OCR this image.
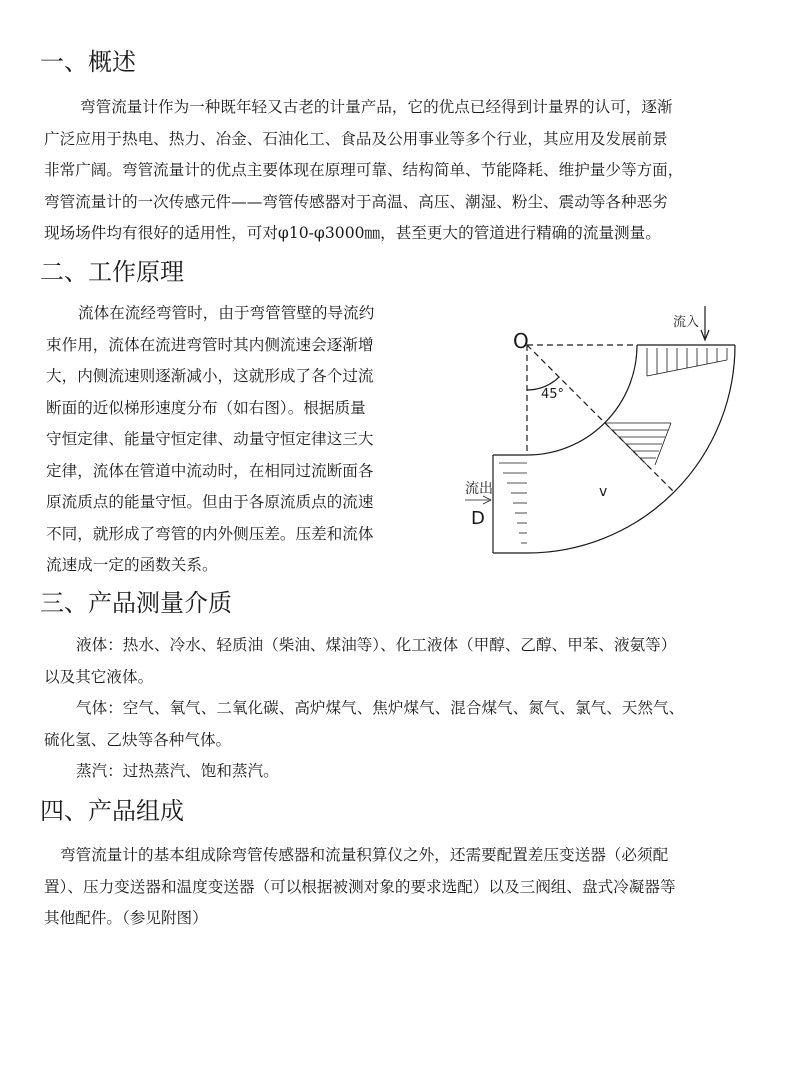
一、概述
弯管流量计作为一种既年轻又古老的计量产品，它的优点已经得到计量界的认可，逐渐
广泛应用于热电、热力、冶金、石油化工、食品及公用事业等多个行业，其应用及发展前景
非常广阔。弯管流量计的优点主要体现在原理可靠、结构简单、节能降耗、维护量少等方面，
弯管流量计的一次传感元件——弯管传感器对于高温、高压、潮湿、粉尘、震动等各种恶劣
现场场件均有很好的适用性，可对φ10-φ3000㎜，甚至更大的管道进行精确的流量测量。
二、工作原理
流体在流经弯管时，由于弯管管壁的导流约
束作用，流体在流进弯管时其内侧流速会逐渐增
大，内侧流速则逐渐减小，这就形成了各个过流
断面的近似梯形速度分布（如右图）。根据质量
守恒定律、能量守恒定律、动量守恒定律这三大
定律，流体在管道中流动时，在相同过流断面各
原流质点的能量守恒。但由于各原流质点的流速
不同，就形成了弯管的内外侧压差。压差和流体
流速成一定的函数关系。
O
45°
流入
流出
D
v
三、产品测量介质
液体：热水、冷水、轻质油（柴油、煤油等）、化工液体（甲醇、乙醇、甲苯、液氨等）
以及其它液体。
气体：空气、氧气、二氧化碳、高炉煤气、焦炉煤气、混合煤气、氮气、氯气、天然气、
硫化氢、乙炔等各种气体。
蒸汽：过热蒸汽、饱和蒸汽。
四、产品组成
弯管流量计的基本组成除弯管传感器和流量积算仪之外，还需要配置差压变送器（必须配
置）、压力变送器和温度变送器（可以根据被测对象的要求选配）以及三阀组、盘式冷凝器等
其他配件。（参见附图）
